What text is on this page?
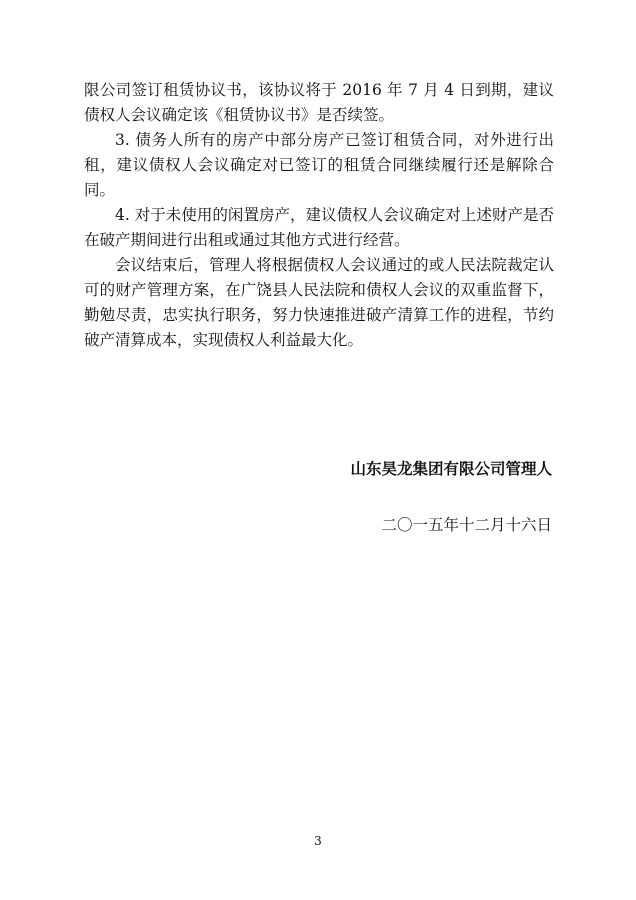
限公司签订租赁协议书，该协议将于 2016 年 7 月 4 日到期，建议债权人会议确定该《租赁协议书》是否续签。

3. 债务人所有的房产中部分房产已签订租赁合同，对外进行出租，建议债权人会议确定对已签订的租赁合同继续履行还是解除合同。

4. 对于未使用的闲置房产，建议债权人会议确定对上述财产是否在破产期间进行出租或通过其他方式进行经营。

会议结束后，管理人将根据债权人会议通过的或人民法院裁定认可的财产管理方案，在广饶县人民法院和债权人会议的双重监督下，勤勉尽责，忠实执行职务，努力快速推进破产清算工作的进程，节约破产清算成本，实现债权人利益最大化。

山东昊龙集团有限公司管理人
二〇一五年十二月十六日
3
